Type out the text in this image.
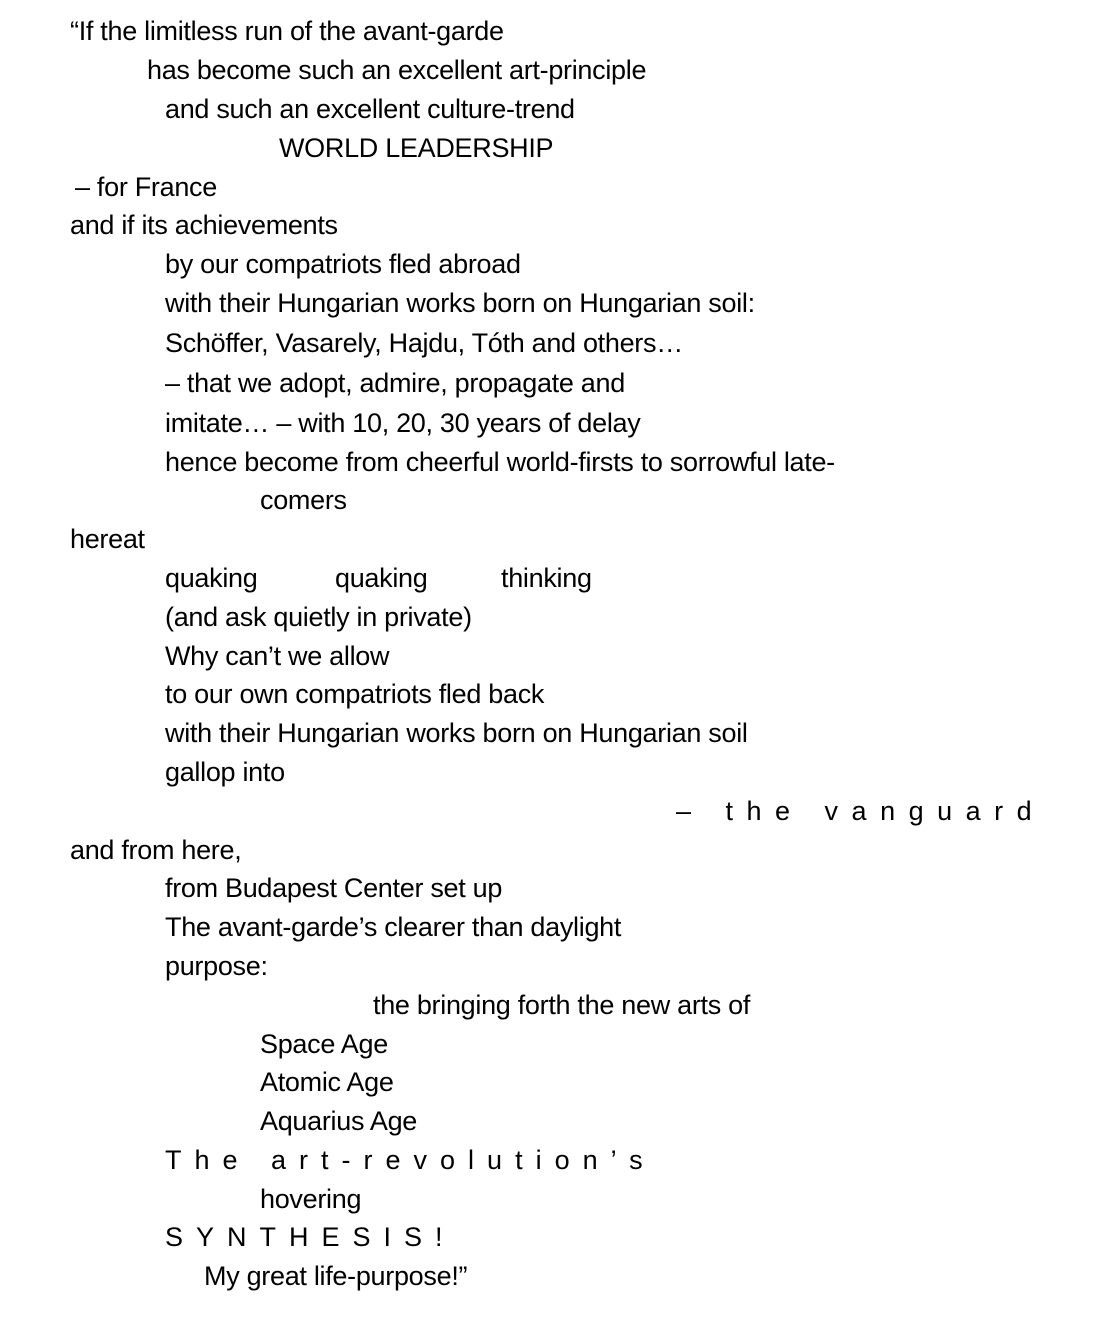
“If the limitless run of the avant-garde
has become such an excellent art-principle
and such an excellent culture-trend
WORLD LEADERSHIP
– for France
and if its achievements
by our compatriots fled abroad
with their Hungarian works born on Hungarian soil:
Schöffer, Vasarely, Hajdu, Tóth and others…
– that we adopt, admire, propagate and
imitate… – with 10, 20, 30 years of delay
hence become from cheerful world-firsts to sorrowful late-
comers
hereat
quaking	quaking	thinking
(and ask quietly in private)
Why can’t we allow
to our own compatriots fled back
with their Hungarian works born on Hungarian soil
gallop into
– the vanguard
and from here,
from Budapest Center set up
The avant-garde’s clearer than daylight
purpose:
the bringing forth the new arts of
Space Age
Atomic Age
Aquarius Age
The art-revolution’s
hovering
SYNTHESIS!
My great life-purpose!”
